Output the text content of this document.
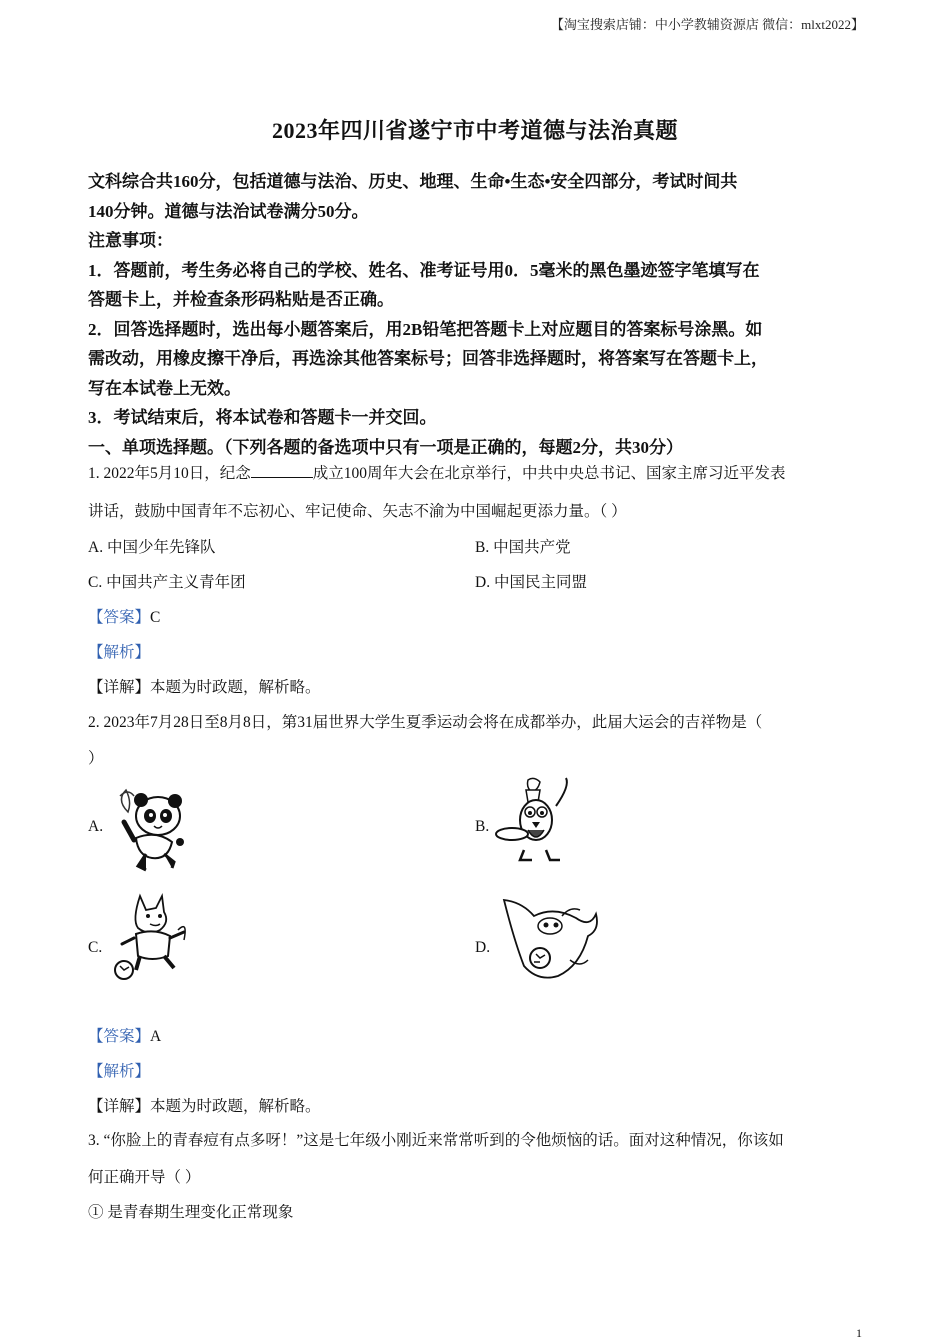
【淘宝搜索店铺：中小学教辅资源店 微信：mlxt2022】
2023年四川省遂宁市中考道德与法治真题

文科综合共160分，包括道德与法治、历史、地理、生命•生态•安全四部分，考试时间共

140分钟。道德与法治试卷满分50分。

注意事项：

1．答题前，考生务必将自己的学校、姓名、准考证号用0．5毫米的黑色墨迹签字笔填写在

答题卡上，并检查条形码粘贴是否正确。

2．回答选择题时，选出每小题答案后，用2B铅笔把答题卡上对应题目的答案标号涂黑。如

需改动，用橡皮擦干净后，再选涂其他答案标号；回答非选择题时，将答案写在答题卡上，

写在本试卷上无效。

3．考试结束后，将本试卷和答题卡一并交回。

一、单项选择题。（下列各题的备选项中只有一项是正确的，每题2分，共30分）

1. 2022年5月10日，纪念	成立100周年大会在北京举行，中共中央总书记、国家主席习近平发表
讲话，鼓励中国青年不忘初心、牢记使命、矢志不渝为中国崛起更添力量。（ ）
A. 中国少年先锋队	B. 中国共产党
C. 中国共产主义青年团	D. 中国民主同盟
【答案】C
【解析】
【详解】本题为时政题，解析略。
2. 2023年7月28日至8月8日，第31届世界大学生夏季运动会将在成都举办，此届大运会的吉祥物是（
）
A.	B.
C.	D.
【答案】A
【解析】
【详解】本题为时政题，解析略。
3. “你脸上的青春痘有点多呀！”这是七年级小刚近来常常听到的令他烦恼的话。面对这种情况，你该如
何正确开导（ ）
① 是青春期生理变化正常现象
1
